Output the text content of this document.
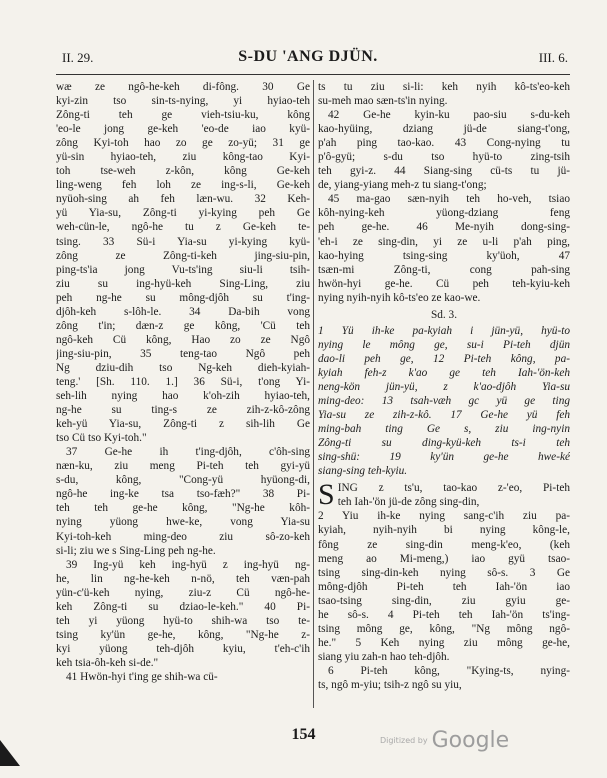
II. 29.	S-DU 'ANG DJÜN.	III. 6.
wæ ze ngô-he-keh di-fông. 30 Ge
kyi-zin tso sin-ts-nying, yi hyiao-teh
Zông-ti teh ge vieh-tsiu-ku, kông
'eo-le jong ge-keh 'eo-de iao kyü-
zông Kyi-toh hao zo ge zo-yü; 31 ge
yü-sin hyiao-teh, ziu kông-tao Kyi-
toh tse-weh z-kôn, kông Ge-keh
ling-weng feh loh ze ing-s-li, Ge-keh
nyüoh-sing ah feh læn-wu. 32 Keh-
yü Yia-su, Zông-ti yi-kying peh Ge
weh-cün-le, ngô-he tu z Ge-keh te-
tsing. 33 Sü-i Yia-su yi-kying kyü-
zông ze Zông-ti-keh jing-siu-pin,
ping-ts'ia jong Vu-ts'ing siu-li tsih-
ziu su ing-hyü-keh Sing-Ling, ziu
peh ng-he su mông-djôh su t'ing-
djôh-keh s-lôh-le. 34 Da-bih vong
zông t'in; dæn-z ge kông, 'Cü teh
ngô-keh Cü kông, Hao zo ze Ngô
jing-siu-pin, 35 teng-tao Ngô peh
Ng dziu-dih tso Ng-keh dieh-kyiah-
teng.' [Sh. 110. 1.] 36 Sü-i, t'ong Yi-
seh-lih nying hao k'oh-zih hyiao-teh,
ng-he su ting-s ze zih-z-kô-zông
keh-yü Yia-su, Zông-ti z sih-lih Ge
tso Cü tso Kyi-toh."
37 Ge-he ih t'ing-djôh, c'ôh-sing
næn-ku, ziu meng Pi-teh teh gyi-yü
s-du, kông, "Cong-yü hyüong-di,
ngô-he ing-ke tsa tso-fæh?" 38 Pi-
teh teh ge-he kông, "Ng-he kôh-
nying yüong hwe-ke, vong Yia-su
Kyi-toh-keh ming-deo ziu sô-zo-keh
si-li; ziu we s Sing-Ling peh ng-he.
39 Ing-yü keh ing-hyü z ing-hyü ng-
he, lin ng-he-keh n-nö, teh væn-pah
yün-c'ü-keh nying, ziu-z Cü ngô-he-
keh Zông-ti su dziao-le-keh." 40 Pi-
teh yi yüong hyü-to shih-wa tso te-
tsing ky'ün ge-he, kông, "Ng-he z-
kyi yüong teh-djôh kyiu, t'eh-c'ih
keh tsia-ôh-keh si-de."
41 Hwön-hyi t'ing ge shih-wa cü-
ts tu ziu si-li: keh nyih kô-ts'eo-keh
su-meh mao sæn-ts'in nying.
42 Ge-he kyin-ku pao-siu s-du-keh
kao-hyüing, dziang jü-de siang-t'ong,
p'ah ping tao-kao. 43 Cong-nying tu
p'ô-gyü; s-du tso hyü-to zing-tsih
teh gyi-z. 44 Siang-sing cü-ts tu jü-
de, yiang-yiang meh-z tu siang-t'ong;
45 ma-gao sæn-nyih teh ho-veh, tsiao
kôh-nying-keh yüong-dziang feng
peh ge-he. 46 Me-nyih dong-sing-
'eh-i ze sing-din, yi ze u-li p'ah ping,
kao-hying tsing-sing ky'üoh, 47
tsæn-mi Zông-ti, cong pah-sing
hwön-hyi ge-he. Cü peh teh-kyiu-keh
nying nyih-nyih kô-ts'eo ze kao-we.
Sd. 3.
1 Yü ih-ke pa-kyiah i jün-yü, hyü-to
nying le mông ge, su-i Pi-teh djün
dao-li peh ge, 12 Pi-teh kông, pa-
kyiah feh-z k'ao ge teh Iah-'ön-keh
neng-kön jün-yü, z k'ao-djôh Yia-su
ming-deo: 13 tsah-væh gc yü ge ting
Yia-su ze zih-z-kô. 17 Ge-he yü feh
ming-bah ting Ge s, ziu ing-nyin
Zông-ti su ding-kyü-keh ts-i teh
sing-shü: 19 ky'ün ge-he hwe-ké
siang-sing teh-kyiu.
S ING z ts'u, tao-kao z-'eo, Pi-teh
teh Iah-'ön jü-de zông sing-din,
2 Yiu ih-ke nying sang-c'ih ziu pa-
kyiah, nyih-nyih bi nying kông-le,
fông ze sing-din meng-k'eo, (keh
meng ao Mi-meng,) iao gyü tsao-
tsing sing-din-keh nying sô-s. 3 Ge
mông-djôh Pi-teh teh Iah-'ön iao
tsao-tsing sing-din, ziu gyiu ge-
he sô-s. 4 Pi-teh teh Iah-'ön ts'ing-
tsing mông ge, kông, "Ng mông ngô-
he." 5 Keh nying ziu mông ge-he,
siang yiu zah-n hao teh-djôh.
6 Pi-teh kông, "Kying-ts, nying-
ts, ngô m-yiu; tsih-z ngô su yiu,
154	Digitized by Google
